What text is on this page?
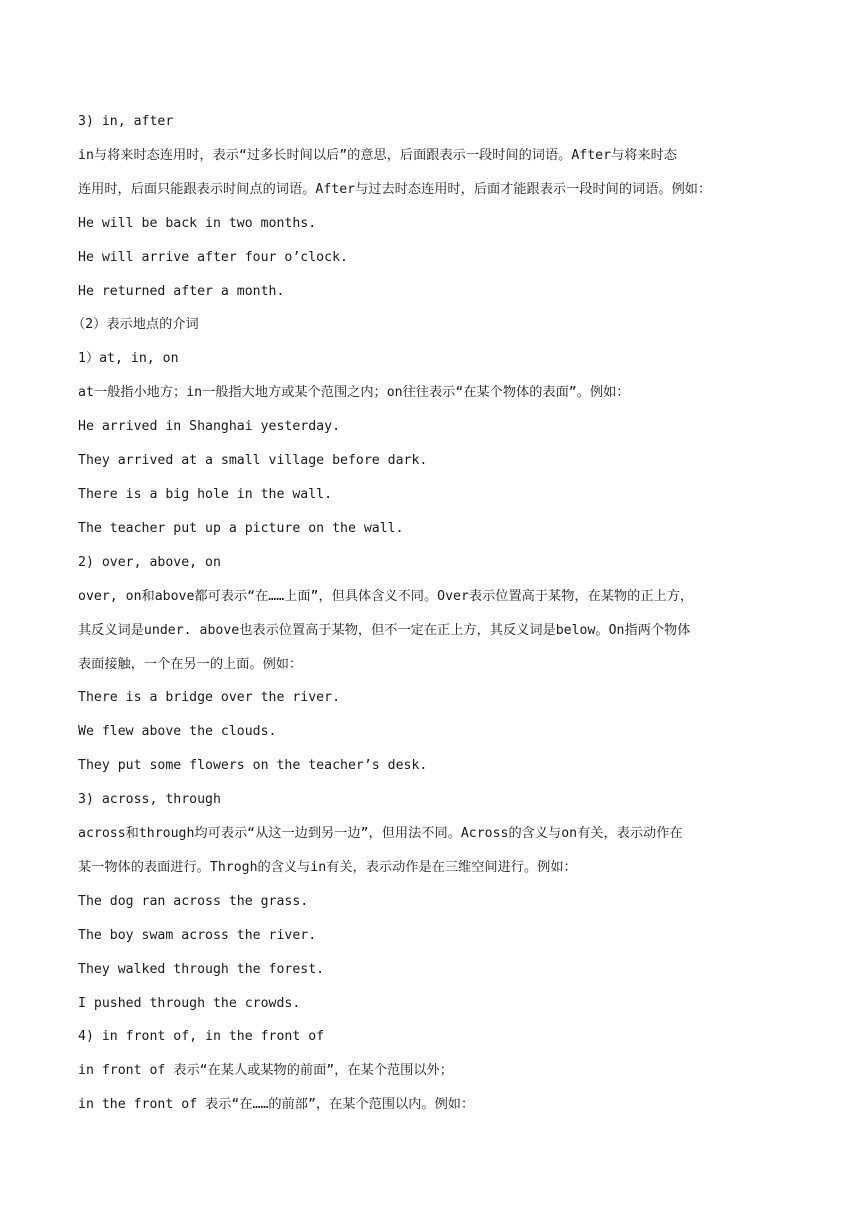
3) in, after
in与将来时态连用时，表示“过多长时间以后”的意思，后面跟表示一段时间的词语。After与将来时态
连用时，后面只能跟表示时间点的词语。After与过去时态连用时，后面才能跟表示一段时间的词语。例如：
He will be back in two months.
He will arrive after four o’clock.
He returned after a month.
（2）表示地点的介词
1）at, in, on
at一般指小地方；in一般指大地方或某个范围之内；on往往表示“在某个物体的表面”。例如：
He arrived in Shanghai yesterday.
They arrived at a small village before dark.
There is a big hole in the wall.
The teacher put up a picture on the wall.
2) over, above, on
over, on和above都可表示“在……上面”，但具体含义不同。Over表示位置高于某物，在某物的正上方，
其反义词是under. above也表示位置高于某物，但不一定在正上方，其反义词是below。On指两个物体
表面接触，一个在另一的上面。例如：
There is a bridge over the river.
We flew above the clouds.
They put some flowers on the teacher’s desk.
3) across, through
across和through均可表示“从这一边到另一边”，但用法不同。Across的含义与on有关，表示动作在
某一物体的表面进行。Throgh的含义与in有关，表示动作是在三维空间进行。例如：
The dog ran across the grass.
The boy swam across the river.
They walked through the forest.
I pushed through the crowds.
4) in front of, in the front of
in front of 表示“在某人或某物的前面”，在某个范围以外；
in the front of 表示“在……的前部”，在某个范围以内。例如：
